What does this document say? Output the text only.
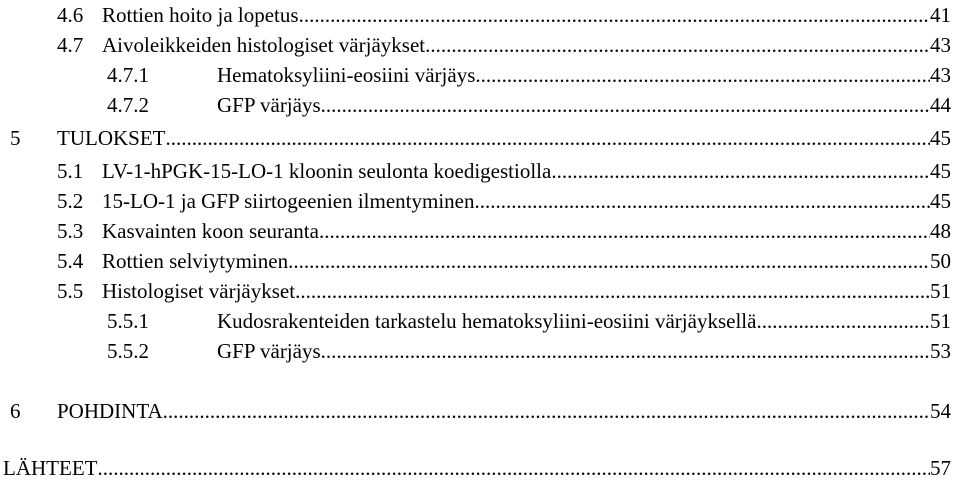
4.6 Rottien hoito ja lopetus .....	41
4.7 Aivoleikkeiden histologiset värjäykset .....	43
4.7.1	Hematoksyliini-eosiini värjäys .....	43
4.7.2	GFP värjäys .....	44
5	TULOKSET .....	45
5.1 LV-1-hPGK-15-LO-1 kloonin seulonta koedigestiolla .....	45
5.2 15-LO-1 ja GFP siirtogeenien ilmentyminen .....	45
5.3 Kasvainten koon seuranta .....	48
5.4 Rottien selviytyminen .....	50
5.5 Histologiset värjäykset .....	51
5.5.1	Kudosrakenteiden tarkastelu hematoksyliini-eosiini värjäyksellä .....	51
5.5.2	GFP värjäys .....	53
6	POHDINTA .....	54
LÄHTEET .....	57
